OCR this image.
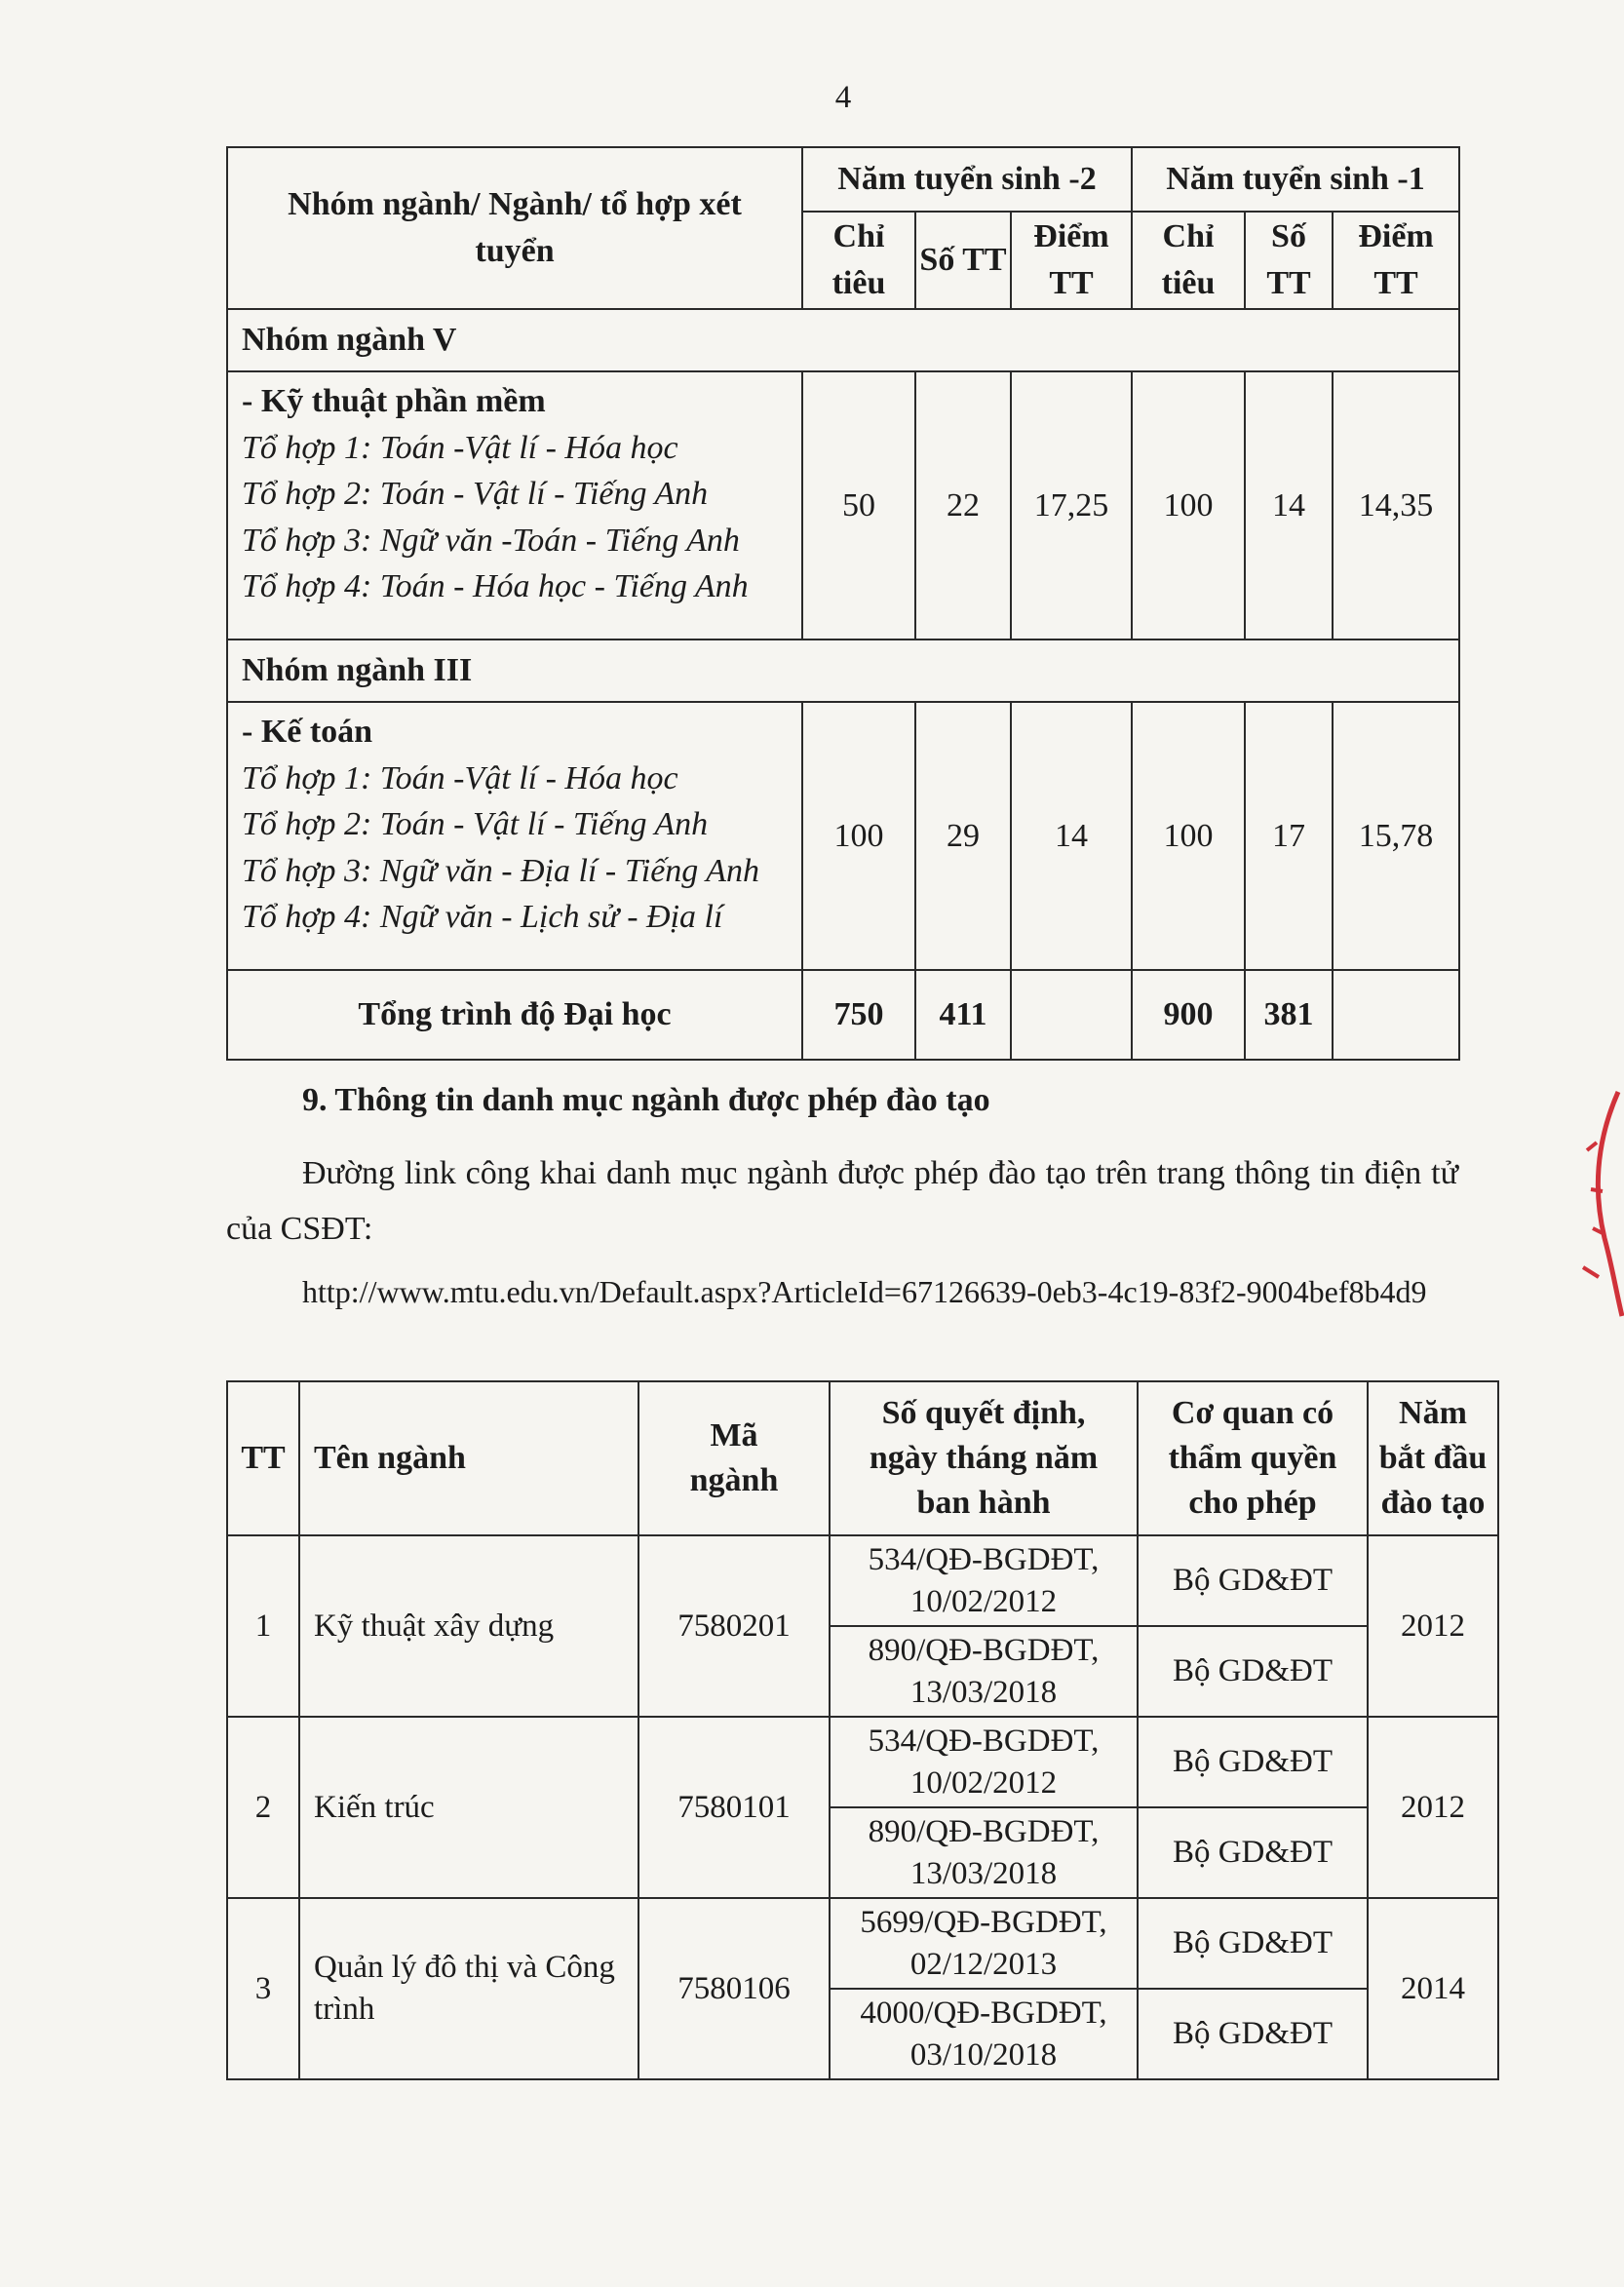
4
Nhóm ngành/ Ngành/ tổ hợp xét tuyển	Năm tuyển sinh -2			Năm tuyển sinh -1		
	Chỉ tiêu	Số TT	Điểm TT	Chỉ tiêu	Số TT	Điểm TT
Nhóm ngành V						

- Kỹ thuật phần mềm
Tổ hợp 1: Toán -Vật lí - Hóa học
Tổ hợp 2: Toán - Vật lí - Tiếng Anh
Tổ hợp 3: Ngữ văn -Toán - Tiếng Anh
Tổ hợp 4: Toán - Hóa học - Tiếng Anh	50	22	17,25	100	14	14,35
Nhóm ngành III						

- Kế toán
Tổ hợp 1: Toán -Vật lí - Hóa học
Tổ hợp 2: Toán - Vật lí - Tiếng Anh
Tổ hợp 3: Ngữ văn - Địa lí - Tiếng Anh
Tổ hợp 4: Ngữ văn - Lịch sử - Địa lí	100	29	14	100	17	15,78
Tổng trình độ Đại học	750	411		900	381	
9. Thông tin danh mục ngành được phép đào tạo
Đường link công khai danh mục ngành được phép đào tạo trên trang thông tin điện tử của CSĐT:
http://www.mtu.edu.vn/Default.aspx?ArticleId=67126639-0eb3-4c19-83f2-9004bef8b4d9
TT	Tên ngành	Mã ngành	Số quyết định, ngày tháng năm ban hành	Cơ quan có thẩm quyền cho phép	Năm bắt đầu đào tạo
1	Kỹ thuật xây dựng	7580201	534/QĐ-BGDĐT,
10/02/2012	Bộ GD&ĐT	2012

			890/QĐ-BGDĐT,
13/03/2018	Bộ GD&ĐT	
2	Kiến trúc	7580101	534/QĐ-BGDĐT,
10/02/2012	Bộ GD&ĐT	2012

			890/QĐ-BGDĐT,
13/03/2018	Bộ GD&ĐT	
3	Quản lý đô thị và Công trình	7580106	5699/QĐ-BGDĐT,
02/12/2013	Bộ GD&ĐT	2014

			4000/QĐ-BGDĐT,
03/10/2018	Bộ GD&ĐT	
